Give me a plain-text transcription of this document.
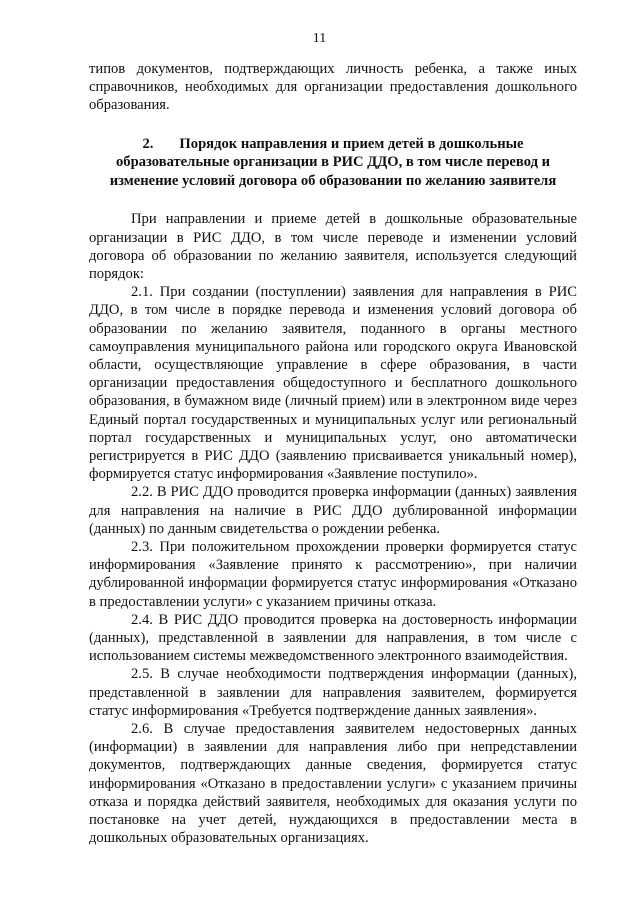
11

типов документов, подтверждающих личность ребенка, а также иных справочников, необходимых для организации предоставления дошкольного образования.

2. Порядок направления и прием детей в дошкольные образовательные организации в РИС ДДО, в том числе перевод и изменение условий договора об образовании по желанию заявителя

При направлении и приеме детей в дошкольные образовательные организации в РИС ДДО, в том числе переводе и изменении условий договора об образовании по желанию заявителя, используется следующий порядок:

2.1. При создании (поступлении) заявления для направления в РИС ДДО, в том числе в порядке перевода и изменения условий договора об образовании по желанию заявителя, поданного в органы местного самоуправления муниципального района или городского округа Ивановской области, осуществляющие управление в сфере образования, в части организации предоставления общедоступного и бесплатного дошкольного образования, в бумажном виде (личный прием) или в электронном виде через Единый портал государственных и муниципальных услуг или региональный портал государственных и муниципальных услуг, оно автоматически регистрируется в РИС ДДО (заявлению присваивается уникальный номер), формируется статус информирования «Заявление поступило».

2.2. В РИС ДДО проводится проверка информации (данных) заявления для направления на наличие в РИС ДДО дублированной информации (данных) по данным свидетельства о рождении ребенка.

2.3. При положительном прохождении проверки формируется статус информирования «Заявление принято к рассмотрению», при наличии дублированной информации формируется статус информирования «Отказано в предоставлении услуги» с указанием причины отказа.

2.4. В РИС ДДО проводится проверка на достоверность информации (данных), представленной в заявлении для направления, в том числе с использованием системы межведомственного электронного взаимодействия.

2.5. В случае необходимости подтверждения информации (данных), представленной в заявлении для направления заявителем, формируется статус информирования «Требуется подтверждение данных заявления».

2.6. В случае предоставления заявителем недостоверных данных (информации) в заявлении для направления либо при непредставлении документов, подтверждающих данные сведения, формируется статус информирования «Отказано в предоставлении услуги» с указанием причины отказа и порядка действий заявителя, необходимых для оказания услуги по постановке на учет детей, нуждающихся в предоставлении места в дошкольных образовательных организациях.
